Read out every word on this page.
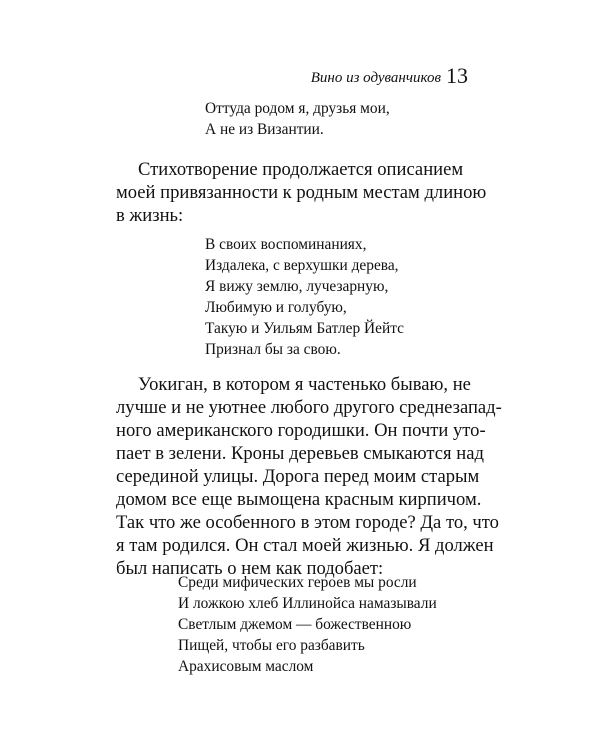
Вино из одуванчиков 13
Оттуда родом я, друзья мои,
А не из Византии.

Стихотворение продолжается описанием
моей привязанности к родным местам длиною
в жизнь:

В своих воспоминаниях,
Издалека, с верхушки дерева,
Я вижу землю, лучезарную,
Любимую и голубую,
Такую и Уильям Батлер Йейтс
Признал бы за свою.

Уокиган, в котором я частенько бываю, не
лучше и не уютнее любого другого среднезапад-
ного американского городишки. Он почти уто-
пает в зелени. Кроны деревьев смыкаются над
серединой улицы. Дорога перед моим старым
домом все еще вымощена красным кирпичом.
Так что же особенного в этом городе? Да то, что
я там родился. Он стал моей жизнью. Я должен
был написать о нем как подобает:

Среди мифических героев мы росли
И ложкою хлеб Иллинойса намазывали
Светлым джемом — божественною
Пищей, чтобы его разбавить
Арахисовым маслом
